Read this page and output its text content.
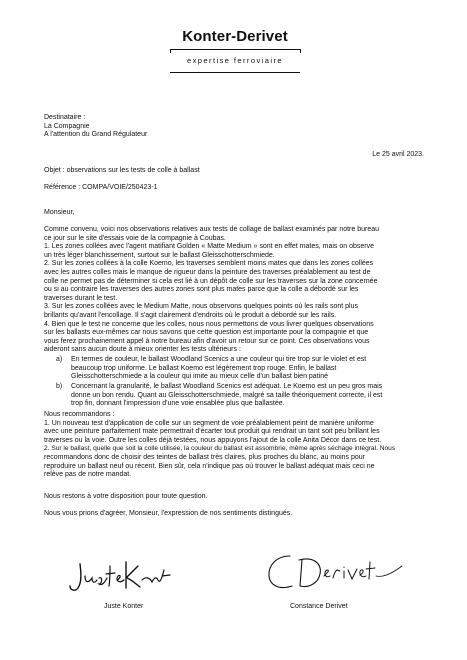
Konter-Derivet
expertise ferroviaire
Destinataire :
La Compagnie
A l'attention du Grand Régulateur
Le 25 avril 2023.
Objet : observations sur les tests de colle à ballast
Référence : COMPA/VOIE/250423-1
Monsieur,
Comme convenu, voici nos observations relatives aux tests de collage de ballast examinés par notre bureau
ce jour sur le site d'essais voie de la compagnie à Coubas.
1. Les zones collées avec l'agent matifiant Golden « Matte Medium » sont en effet mates, mais on observe
un très léger blanchissement, surtout sur le ballast Gleisschotterschmiede.
2. Sur les zones collées à la colle Koemo, les traverses semblent moins mates que dans les zones collées
avec les autres colles mais le manque de rigueur dans la peinture des traverses préalablement au test de
colle ne permet pas de déterminer si cela est lié à un dépôt de colle sur les traverses sur la zone concernée
ou si au contraire les traverses des autres zones sont plus mates parce que la colle a débordé sur les
traverses durant le test.
3. Sur les zones collées avec le Medium Matte, nous observons quelques points où les rails sont plus
brillants qu'avant l'encollage. Il s'agit clairement d'endroits où le produit a débordé sur les rails.
4. Bien que le test ne concerne que les colles, nous nous permettons de vous livrer quelques observations
sur les ballasts eux-mêmes car nous savons que cette question est importante pour la compagnie et que
vous ferez prochainement appel à notre bureau afin d'avoir un retour sur ce point. Ces observations vous
aideront sans aucun doute à mieux orienter les tests ultérieurs :
a)	En termes de couleur, le ballast Woodland Scenics a une couleur qui tire trop sur le violet et est
beaucoup trop uniforme. Le ballast Koemo est légèrement trop rouge. Enfin, le ballast
Gleisschotterschmiede a la couleur qui imite au mieux celle d'un ballast bien patiné
b)	Concernant la granularité, le ballast Woodland Scenics est adéquat. Le Koemo est un peu gros mais
donne un bon rendu. Quant au Gleisschotterschmiede, malgré sa taille théoriquement correcte, il est
trop fin, donnant l'impression d'une voie ensablée plus que ballastée.
Nous recommandons :
1. Un nouveau test d'application de colle sur un segment de voie préalablement peint de manière uniforme
avec une peinture parfaitement mate permettrait d'écarter tout produit qui rendrait un tant soit peu brillant les
traverses ou la voie. Outre les colles déjà testées, nous appuyons l'ajout de la colle Anita Décor dans ce test.
2. Sur le ballast, quelle que soit la colle utilisée, la couleur du ballast est assombrie, même après séchage intégral. Nous
recommandons donc de choisir des teintes de ballast très claires, plus proches du blanc, au moins pour
reproduire un ballast neuf ou récent. Bien sûr, cela n'indique pas où trouver le ballast adéquat mais ceci ne
relève pas de notre mandat.
Nous restons à votre disposition pour toute question.
Nous vous prions d'agréer, Monsieur, l'expression de nos sentiments distingués.
Juste Konter	Constance Derivet
